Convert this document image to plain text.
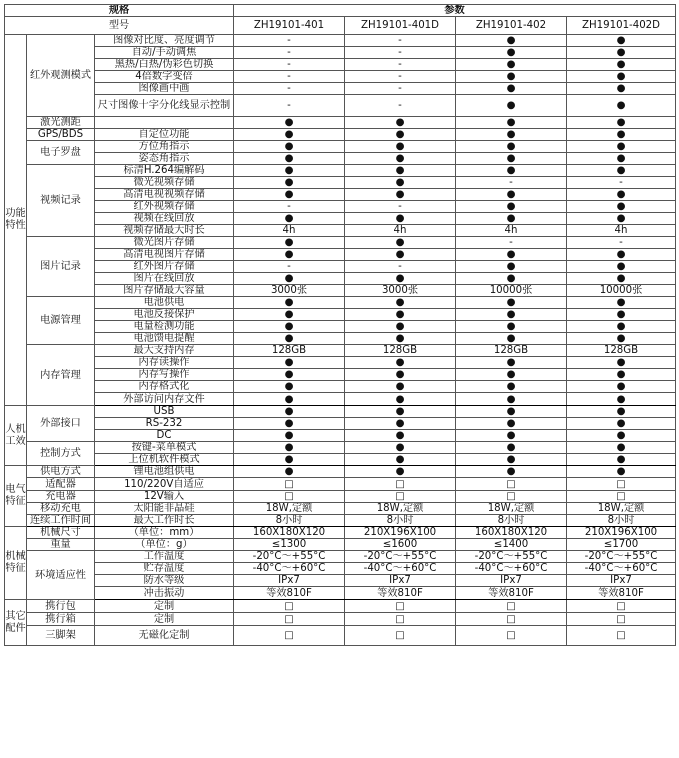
规格			参数			
型号			ZH19101-401	ZH19101-401D	ZH19101-402	ZH19101-402D
功能特性	红外观测模式	图像对比度、亮度调节	-	-	●	●
		自动/手动调焦	-	-	●	●
		黑热/白热/伪彩色切换	-	-	●	●
		4倍数字变倍	-	-	●	●
		图像画中画	-	-	●	●
		尺寸图像十字分化线显示控制	-	-	●	●
	激光测距		●	●	●	●
	GPS/BDS	自定位功能	●	●	●	●
	电子罗盘	方位角指示	●	●	●	●
		姿态角指示	●	●	●	●
	视频记录	标清H.264编解码	●	●	●	●
		微光视频存储	●	●	-	-
		高清电视视频存储	●	●	●	●
		红外视频存储	-	-	●	●
		视频在线回放	●	●	●	●
		视频存储最大时长	4h	4h	4h	4h
	图片记录	微光图片存储	●	●	-	-
		高清电视图片存储	●	●	●	●
		红外图片存储	-	-	●	●
		图片在线回放	●	●	●	●
		图片存储最大容量	3000张	3000张	10000张	10000张
	电源管理	电池供电	●	●	●	●
		电池反接保护	●	●	●	●
		电量检测功能	●	●	●	●
		电池馈电提醒	●	●	●	●
	内存管理	最大支持内存	128GB	128GB	128GB	128GB
		内存读操作	●	●	●	●
		内存写操作	●	●	●	●
		内存格式化	●	●	●	●
		外部访问内存文件	●	●	●	●
人机工效	外部接口	USB	●	●	●	●
		RS-232	●	●	●	●
		DC	●	●	●	●
	控制方式	按键-菜单模式	●	●	●	●
		上位机软件模式	●	●	●	●
电气特征	供电方式	锂电池组供电	●	●	●	●
	适配器	110/220V自适应	□	□	□	□
	充电器	12V输入	□	□	□	□
	移动充电	太阳能非晶硅	18W,定额	18W,定额	18W,定额	18W,定额
	连续工作时间	最大工作时长	8小时	8小时	8小时	8小时
机械特征	机械尺寸	（单位：mm）	160X180X120	210X196X100	160X180X120	210X196X100
	重量	（单位：g）	≤1300	≤1600	≤1400	≤1700
	环境适应性	工作温度	-20°C～+55°C	-20°C～+55°C	-20°C～+55°C	-20°C～+55°C
		贮存温度	-40°C～+60°C	-40°C～+60°C	-40°C～+60°C	-40°C～+60°C
		防水等级	IPx7	IPx7	IPx7	IPx7
		冲击振动	等效810F	等效810F	等效810F	等效810F
其它配件	携行包	定制	□	□	□	□
	携行箱	定制	□	□	□	□
	三脚架	无磁化定制	□	□	□	□
